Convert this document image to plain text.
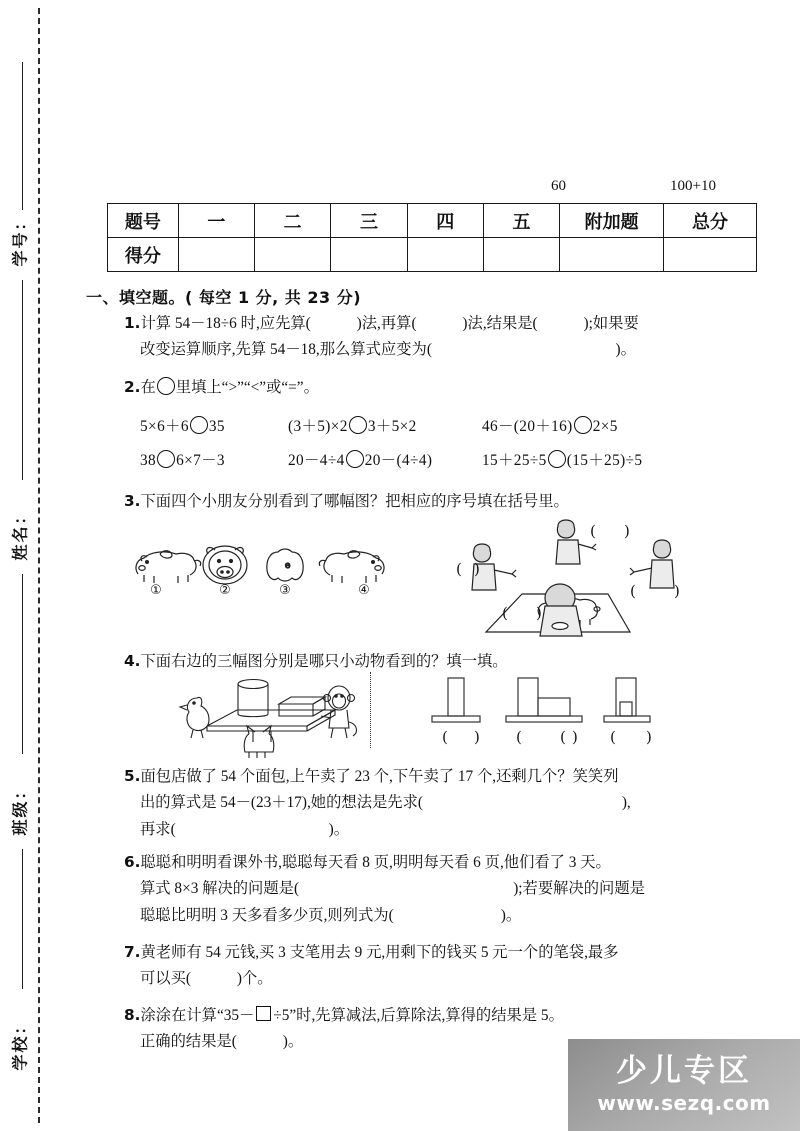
学号：
姓名：
班级：
学校：
60	100+10
题号	一	二	三	四	五	附加题	总分
得分							
一、填空题。( 每空 1 分, 共 23 分)
1.计算 54－18÷6 时,应先算(　　　)法,再算(　　　)法,结果是(　　　);如果要
改变运算顺序,先算 54－18,那么算式应变为(　　　　　　　　　　　　)。
2.在 里填上“>”“<”或“=”。
5×6＋6 35	(3＋5)×2 3＋5×2	46－(20＋16) 2×5
38 6×7－3	20－4÷4 20－(4÷4)	15＋25÷5 (15＋25)÷5
3.下面四个小朋友分别看到了哪幅图？把相应的序号填在括号里。
①	②
e
③	④
( )
( )
(	)
( )
4.下面右边的三幅图分别是哪只小动物看到的？填一填。
( ) (	(	( )
)
5.面包店做了 54 个面包,上午卖了 23 个,下午卖了 17 个,还剩几个？笑笑列
出的算式是 54－(23＋17),她的想法是先求(　　　　　　　　　　　　　),
再求(　　　　　　　　　　)。
6.聪聪和明明看课外书,聪聪每天看 8 页,明明每天看 6 页,他们看了 3 天。
算式 8×3 解决的问题是(　　　　　　　　　　　　　　);若要解决的问题是
聪聪比明明 3 天多看多少页,则列式为(　　　　　　　)。
7.黄老师有 54 元钱,买 3 支笔用去 9 元,用剩下的钱买 5 元一个的笔袋,最多
可以买(　　　)个。
8.涂涂在计算“35－ ÷5”时,先算减法,后算除法,算得的结果是 5。
正确的结果是(　　　)。
少儿专区
www.sezq.com
